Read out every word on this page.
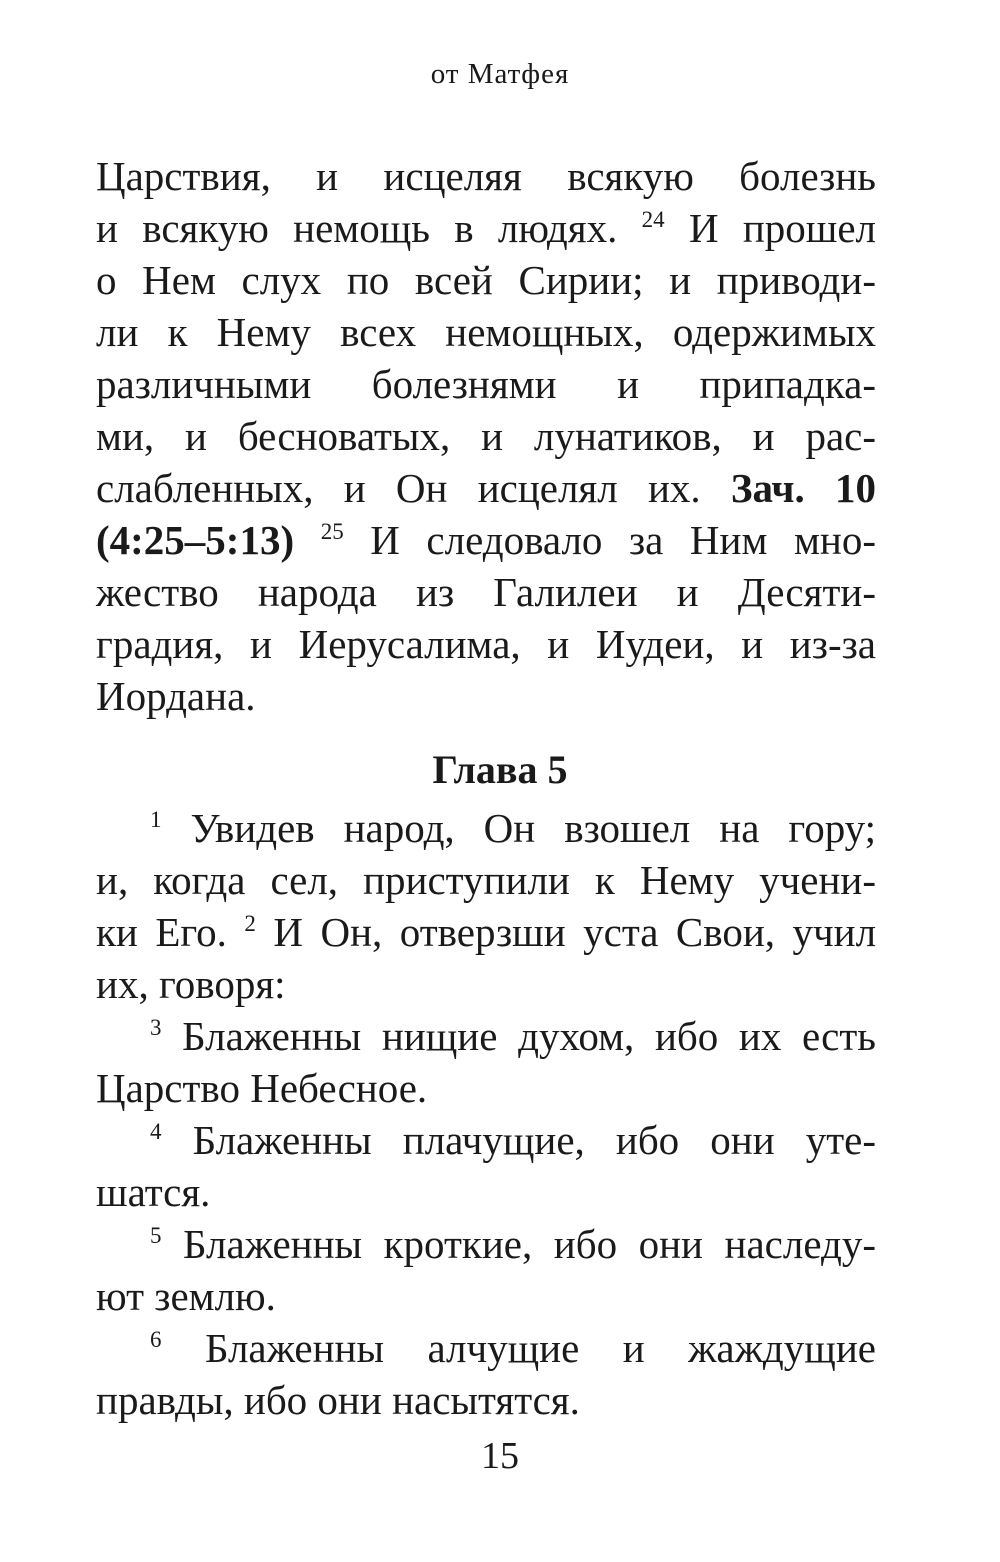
от Матфея
Царствия, и исцеляя всякую болезнь
и всякую немощь в людях. $^{24}$ И прошел
о Нем слух по всей Сирии; и приводи-
ли к Нему всех немощных, одержимых
различными болезнями и припадка-
ми, и бесноватых, и лунатиков, и рас-
слабленных, и Он исцелял их. Зач. 10
(4:25–5:13) $^{25}$ И следовало за Ним мно-
жество народа из Галилеи и Десяти-
градия, и Иерусалима, и Иудеи, и из-за
Иордана.
Глава 5
$^1$ Увидев народ, Он взошел на гору;
и, когда сел, приступили к Нему учени-
ки Его. $^2$ И Он, отверзши уста Свои, учил
их, говоря:
$^3$ Блаженны нищие духом, ибо их есть
Царство Небесное.
$^4$ Блаженны плачущие, ибо они уте-
шатся.
$^5$ Блаженны кроткие, ибо они наследу-
ют землю.
$^6$ Блаженны алчущие и жаждущие
правды, ибо они насытятся.
15
